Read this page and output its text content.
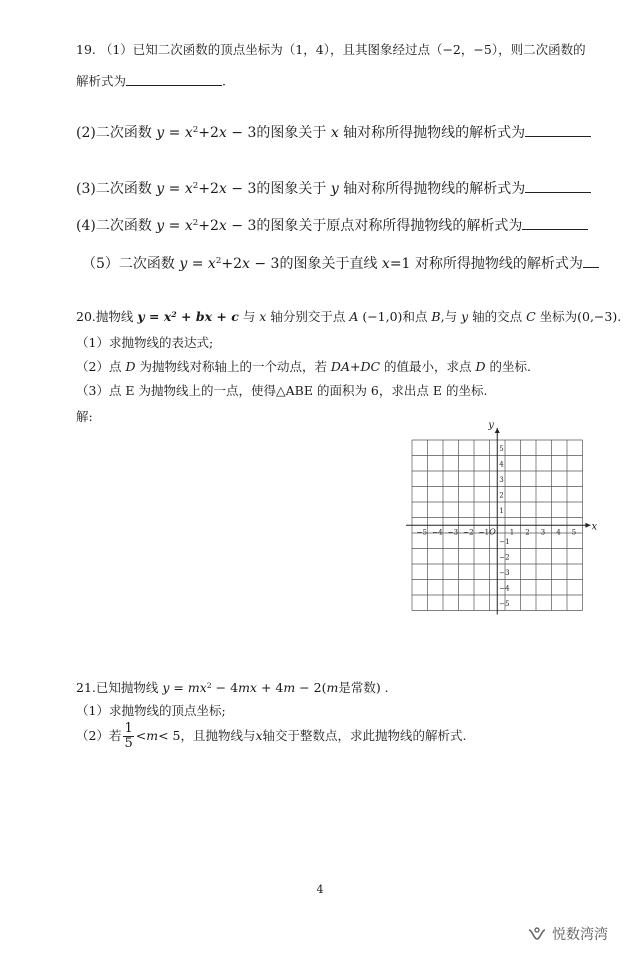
19. （1）已知二次函数的顶点坐标为（1，4），且其图象经过点（−2，−5），则二次函数的
解析式为	.
(2)二次函数 $y = x^2+2x - 3$的图象关于 x 轴对称所得抛物线的解析式为
(3)二次函数 $y = x^2+2x - 3$的图象关于 y 轴对称所得抛物线的解析式为
(4)二次函数 $y = x^2+2x - 3$的图象关于原点对称所得抛物线的解析式为
（5）二次函数 $y = x^2+2x - 3$的图象关于直线 x=1 对称所得抛物线的解析式为
20.抛物线 $y = x^2$ + bx + c 与 x 轴分别交于点 A (−1,0)和点 B,与 y 轴的交点 C 坐标为(0,−3).
（1）求抛物线的表达式;
（2）点 D 为抛物线对称轴上的一个动点，若 DA+DC 的值最小，求点 D 的坐标.
（3）点 E 为抛物线上的一点，使得△ABE 的面积为 6，求出点 E 的坐标.
解:
−5 −4 −3 −2 −1	1 2 3 4 5
5
4
3
2
1
−1
−2
−3
−4
−5
x
y
O
21.已知抛物线 $y = mx^2 - 4mx + 4m - 2(m$是常数) .
（1）求抛物线的顶点坐标;
（2）若 $\frac{1}{5} < m < 5$，且抛物线与 x 轴交于整数点，求此抛物线的解析式.
4
悦数湾湾
